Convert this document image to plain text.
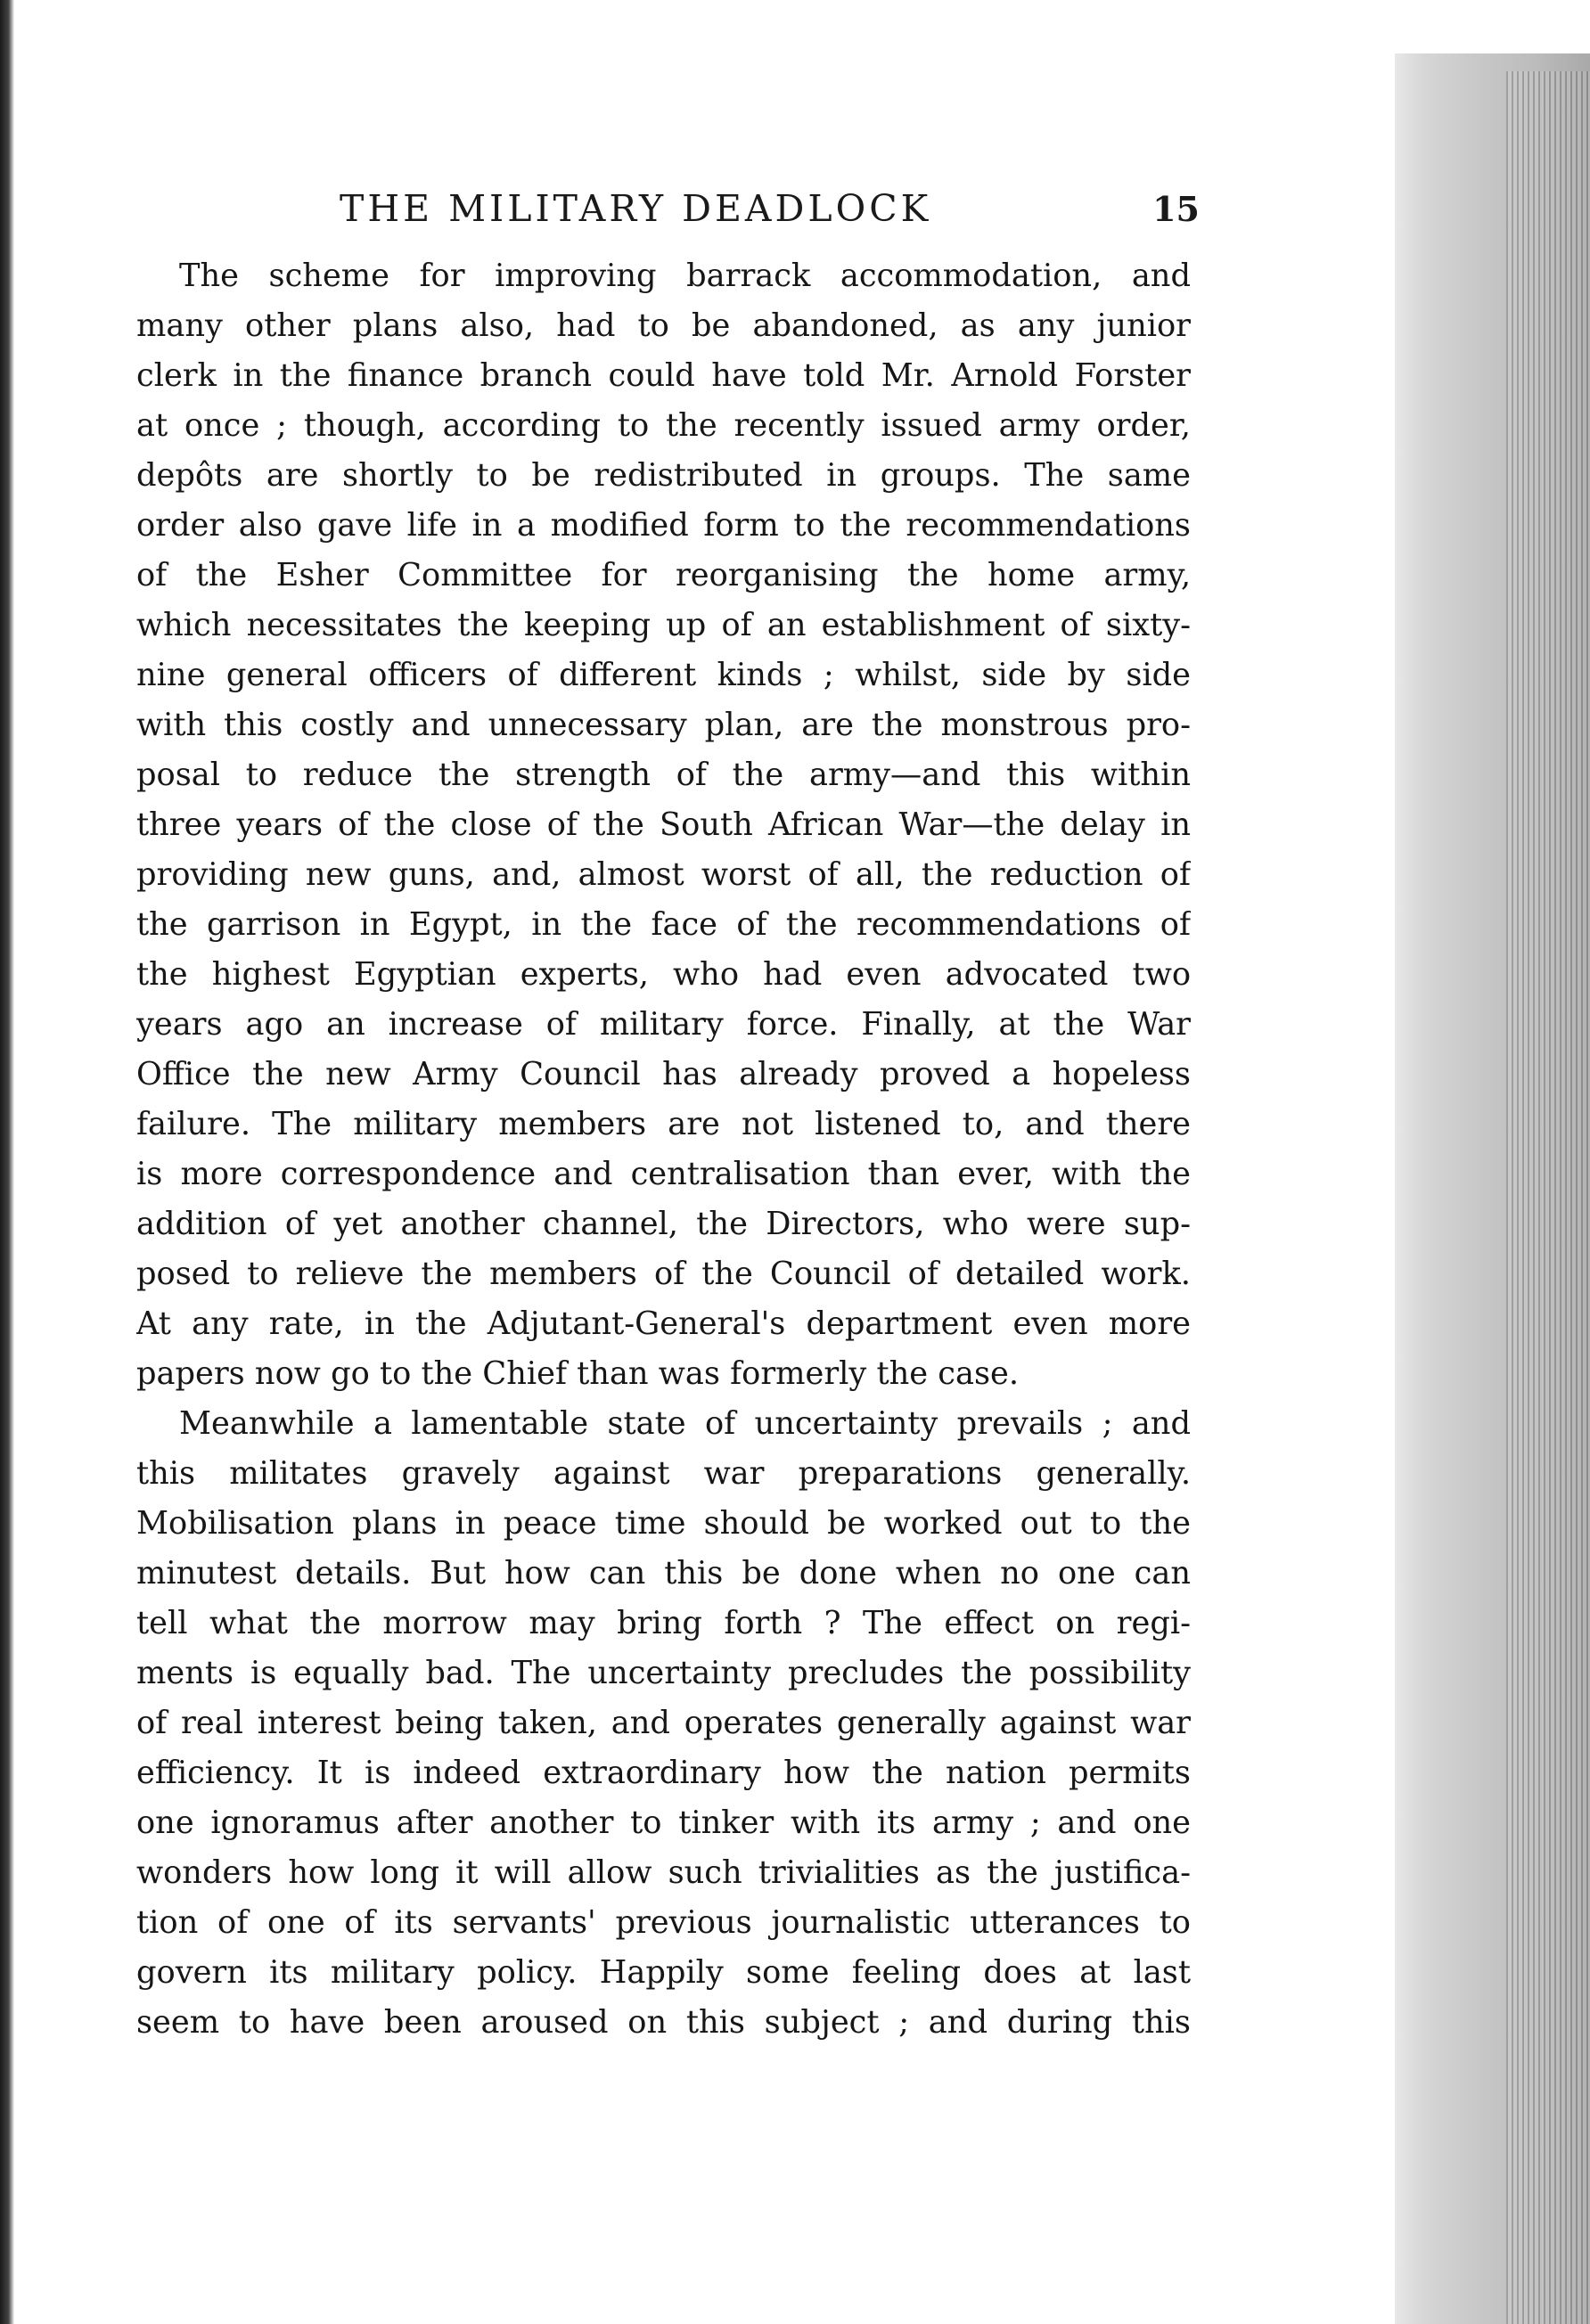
THE MILITARY DEADLOCK	15
The scheme for improving barrack accommodation, and
many other plans also, had to be abandoned, as any junior
clerk in the finance branch could have told Mr. Arnold Forster
at once ; though, according to the recently issued army order,
depôts are shortly to be redistributed in groups. The same
order also gave life in a modified form to the recommendations
of the Esher Committee for reorganising the home army,
which necessitates the keeping up of an establishment of sixty-
nine general officers of different kinds ; whilst, side by side
with this costly and unnecessary plan, are the monstrous pro-
posal to reduce the strength of the army—and this within
three years of the close of the South African War—the delay in
providing new guns, and, almost worst of all, the reduction of
the garrison in Egypt, in the face of the recommendations of
the highest Egyptian experts, who had even advocated two
years ago an increase of military force. Finally, at the War
Office the new Army Council has already proved a hopeless
failure. The military members are not listened to, and there
is more correspondence and centralisation than ever, with the
addition of yet another channel, the Directors, who were sup-
posed to relieve the members of the Council of detailed work.
At any rate, in the Adjutant-General's department even more
papers now go to the Chief than was formerly the case.
Meanwhile a lamentable state of uncertainty prevails ; and
this militates gravely against war preparations generally.
Mobilisation plans in peace time should be worked out to the
minutest details. But how can this be done when no one can
tell what the morrow may bring forth ? The effect on regi-
ments is equally bad. The uncertainty precludes the possibility
of real interest being taken, and operates generally against war
efficiency. It is indeed extraordinary how the nation permits
one ignoramus after another to tinker with its army ; and one
wonders how long it will allow such trivialities as the justifica-
tion of one of its servants' previous journalistic utterances to
govern its military policy. Happily some feeling does at last
seem to have been aroused on this subject ; and during this
